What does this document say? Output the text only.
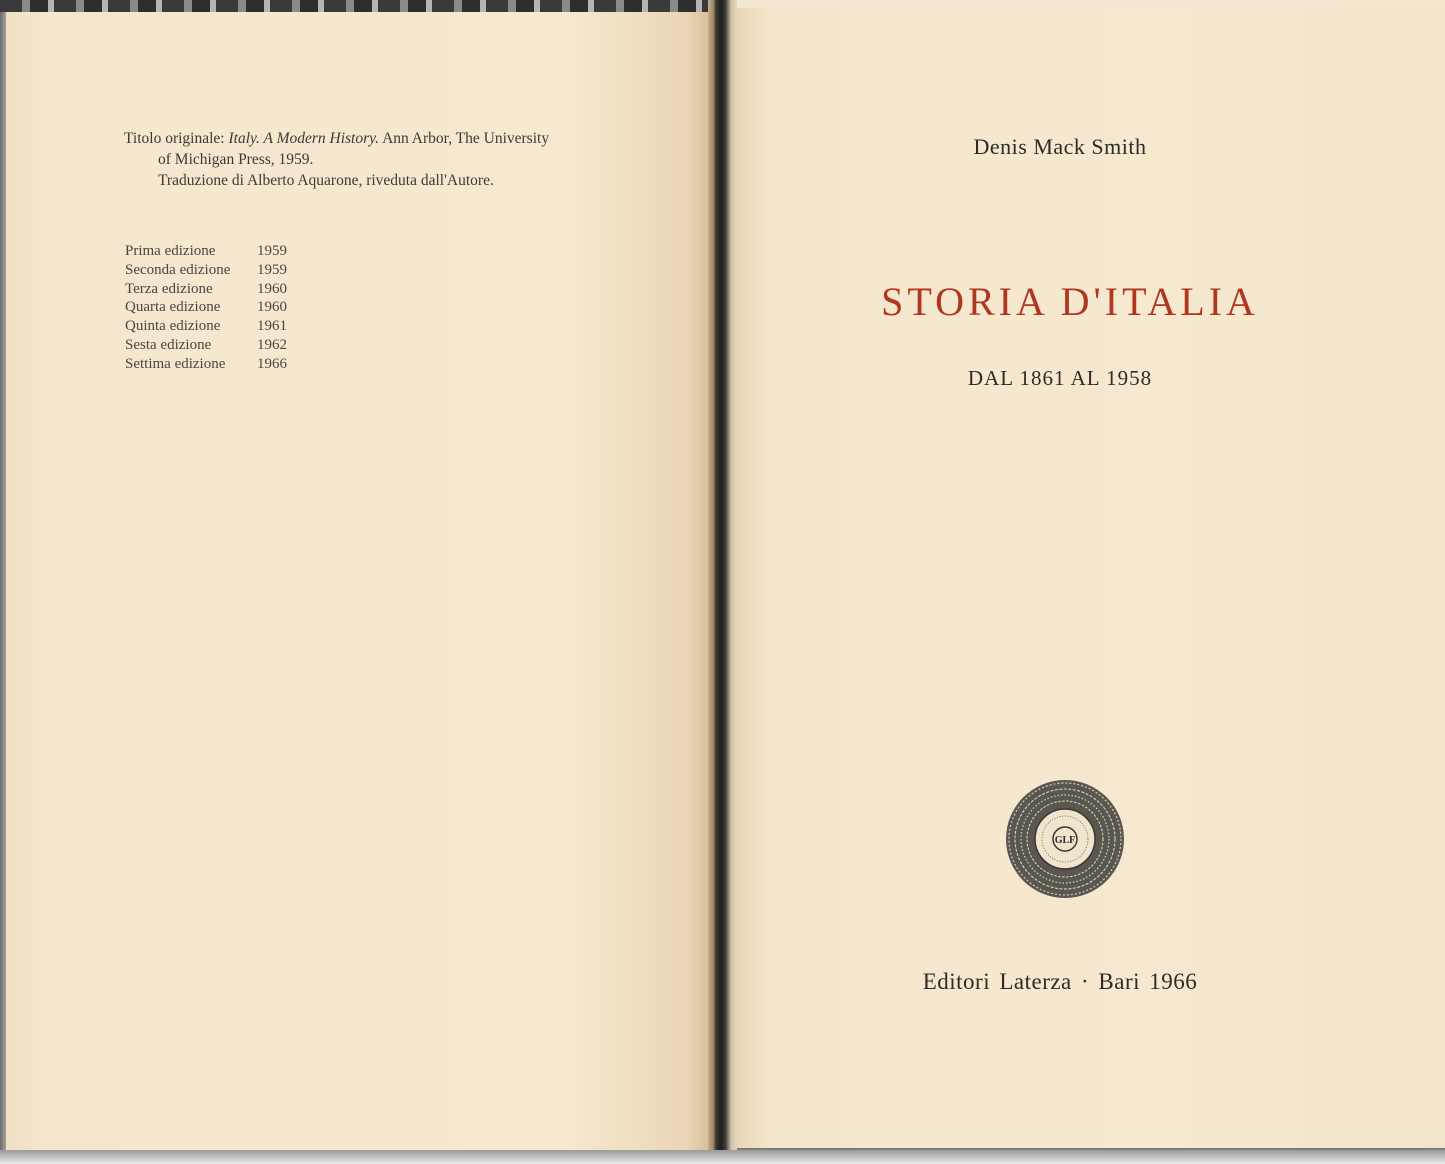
Titolo originale: Italy. A Modern History. Ann Arbor, The University
of Michigan Press, 1959.
Traduzione di Alberto Aquarone, riveduta dall'Autore.
Prima edizione	1959
Seconda edizione	1959
Terza edizione	1960
Quarta edizione	1960
Quinta edizione	1961
Sesta edizione	1962
Settima edizione	1966
Denis Mack Smith
STORIA D'ITALIA
DAL 1861 AL 1958
GLF
Editori Laterza · Bari 1966
